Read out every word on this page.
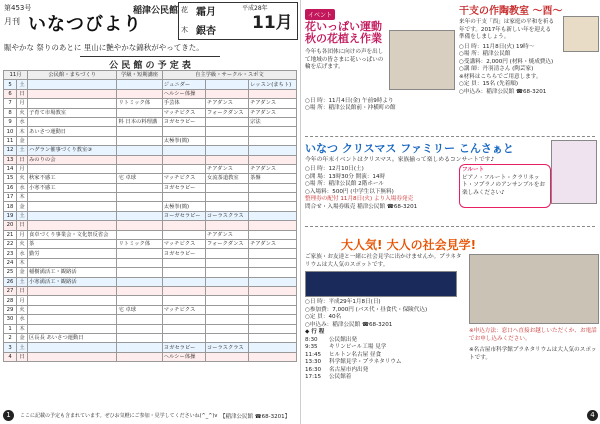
第453号
月刊 いなつびより
稲津公民館 花
木
霜月	平成28年
11月
銀杏
賑やかな 祭りのあとに 里山に艶やかな錦秋がやってきた。
公 民 館 の 予 定 表
11月		公民館・まちづくり	学級・短期講座	自主学級・サークル・スポ文		
5	土			ジュニダー		レッスン(まちト)
6	日			ヘルシー体操		
7	月		リトミック体	手芸体	チアダンス	チアダンス
8	火	子育て市場教室		マッチビクス	フォークダンス	チアダンス
9	水		料 日本の料理講	ヨガセラピー		宗法
10	木	あいさつ運動日				
11	金			太極拳(簡)		
12	土	ハグラン催事づくり教室③				
13	日	みのりの会				
14	月				チアダンス	チアダンス
15	火	秋家不感工	宅 卓球	マッチビクス	女流茶道教室	茶盤
16	水	小寒不感工		ヨガセラピー		
17	木					
18	金			太極拳(簡)		
19	土			ヨーガセラピー	コーラスクラス	
20	日					
21	月	食卓づくり事業会・文化祭反省会			チアダンス	
22	火	茶	リトミック体	マッチビクス	フォークダンス	チアダンス
23	水	勤労		ヨガセラピー		
24	木					
25	金	稲樹満活工・観路活				
26	土	小寒満活工・観路活				
27	日					
28	月					
29	火		宅 卓球	マッチビクス		
30	水					
1	木					
2	金	区長長 あいさつ運動日				
3	土			ヨガセラピー	コーラスクラス	
4	日			ヘルシー体操		
1	ここに記載の予定も含まれています。ぜひお気軽にご参加・見学してくださいね(^_^)v 【稲津公民館 ☎68-3201】
イベント
花いっぱい運動
秋の花植え作業
今年も各団体に向けの声を出して地域の皆さまに花いっぱいの輪を広げます。
○日 時：11月4日(金) 午前9時より
○場 所：稲津公民館前・沖横町の館
干支の作陶教室 〜酉〜
来年の干支「酉」は家庭の平和を祈る年です。2017年も新しい年を迎える準備をしましょう。
○日 時：11月8日(火) 19時〜
○場 所：稲津公民館
○受講料：2,000円 (材料・焼成費込)
○講 師：丹羽清さん (陶芸家)
※材料はこちらでご用意します。
○定 員：15名 (先着順)
○申込み：稲津公民館 ☎68-3201
いなつ クリスマス ファミリー こんさぁと
今年の年末イベントはクリスマス。家族揃って楽しめるコンサートです♪
○日 時：12月10日(土)
○開 場：13時30分 開演：14時
○場 所：稲津公民館 2階ホール
○入場料：500円 (中学生以下無料)
整理券の配付 11月8日(火) より入場券発売
問合せ・入場券販売 稲津公民館 ☎68-3201
フルート
ピアノ・フルート・クラリネット・ソプラノのアンサンブルをお楽しみください♪
大人気! 大人の社会見学!
ご家族・お友達と一緒に社会見学に出かけませんか。プラネタリウムは大人気のスポットです。
○日 時：平成29年1月8日(日)
○参加費：7,000円 (バス代・昼食代・保険代込)
○定 員：40名
○申込み：稲津公民館 ☎68-3201
◆ 行 程
8:30 公民館出発
9:35 キリンビール工場 見学
11:45 ヒルトン名古屋 昼食
13:30 科学館見学・プラネタリウム
16:30 名古屋市内出発
17:15 公民館着
※申込方法：窓口へ直接お越しいただくか、お電話でお申し込みください。
※名古屋市科学館プラネタリウムは大人気のスポットです。
4
